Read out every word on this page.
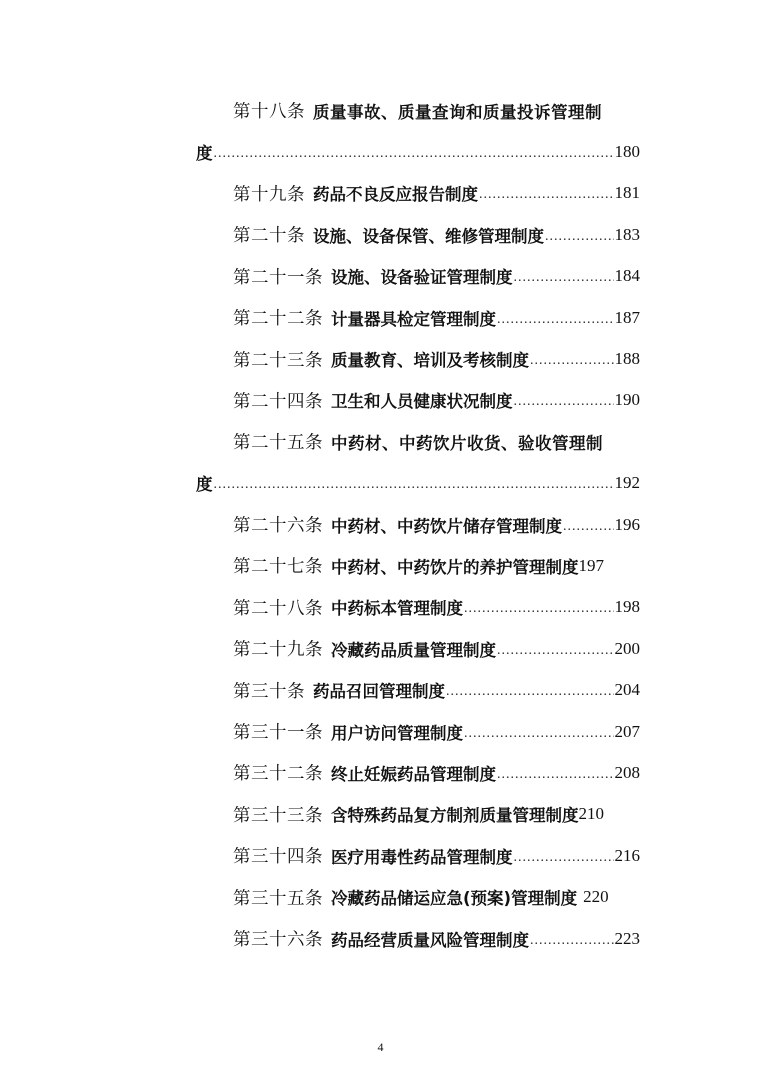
第十八条 质量事故、质量查询和质量投诉管理制
度 .....	180
第十九条 药品不良反应报告制度 .....	181
第二十条 设施、设备保管、维修管理制度 .....	183
第二十一条 设施、设备验证管理制度 .....	184
第二十二条 计量器具检定管理制度 .....	187
第二十三条 质量教育、培训及考核制度 .....	188
第二十四条 卫生和人员健康状况制度 .....	190
第二十五条 中药材、中药饮片收货、验收管理制
度 .....	192
第二十六条 中药材、中药饮片储存管理制度 .....	196
第二十七条 中药材、中药饮片的养护管理制度 197
第二十八条 中药标本管理制度 .....	198
第二十九条 冷藏药品质量管理制度 .....	200
第三十条 药品召回管理制度 .....	204
第三十一条 用户访问管理制度 .....	207
第三十二条 终止妊娠药品管理制度 .....	208
第三十三条 含特殊药品复方制剂质量管理制度 210
第三十四条 医疗用毒性药品管理制度 .....	216
第三十五条 冷藏药品储运应急(预案)管理制度 220
第三十六条 药品经营质量风险管理制度 .....	223
4
